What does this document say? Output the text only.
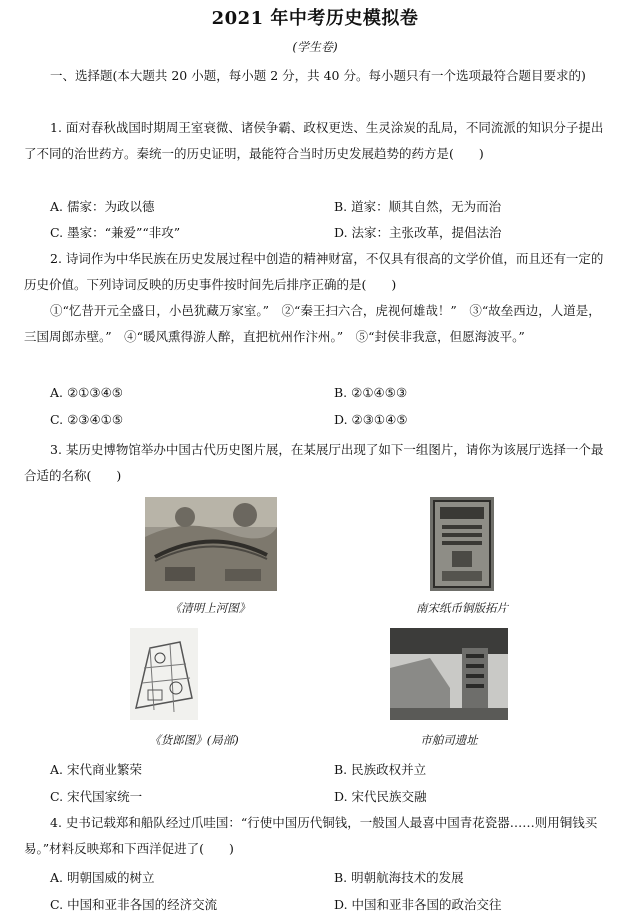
2021 年中考历史模拟卷
(学生卷)
一、选择题(本大题共 20 小题，每小题 2 分，共 40 分。每小题只有一个选项最符合题目要求的)
1. 面对春秋战国时期周王室衰微、诸侯争霸、政权更迭、生灵涂炭的乱局，不同流派的知识分子提出了不同的治世药方。秦统一的历史证明，最能符合当时历史发展趋势的药方是(　　)
A. 儒家：为政以德	B. 道家：顺其自然，无为而治
C. 墨家：“兼爱”“非攻”	D. 法家：主张改革，提倡法治
2. 诗词作为中华民族在历史发展过程中创造的精神财富，不仅具有很高的文学价值，而且还有一定的历史价值。下列诗词反映的历史事件按时间先后排序正确的是(　　)
①“忆昔开元全盛日，小邑犹藏万家室。”　②“秦王扫六合，虎视何雄哉！”　③“故垒西边，人道是，三国周郎赤壁。”　④“暖风熏得游人醉，直把杭州作汴州。”　⑤“封侯非我意，但愿海波平。”
A. ②①③④⑤	B. ②①④⑤③
C. ②③④①⑤	D. ②③①④⑤
3. 某历史博物馆举办中国古代历史图片展，在某展厅出现了如下一组图片，请你为该展厅选择一个最合适的名称(　　)
《清明上河图》	南宋纸币铜版拓片
《货郎图》(局部)	市舶司遗址
A. 宋代商业繁荣	B. 民族政权并立
C. 宋代国家统一	D. 宋代民族交融
4. 史书记载郑和船队经过爪哇国：“行使中国历代铜钱，一般国人最喜中国青花瓷器……则用铜钱买易。”材料反映郑和下西洋促进了(　　)
A. 明朝国威的树立	B. 明朝航海技术的发展
C. 中国和亚非各国的经济交流	D. 中国和亚非各国的政治交往
